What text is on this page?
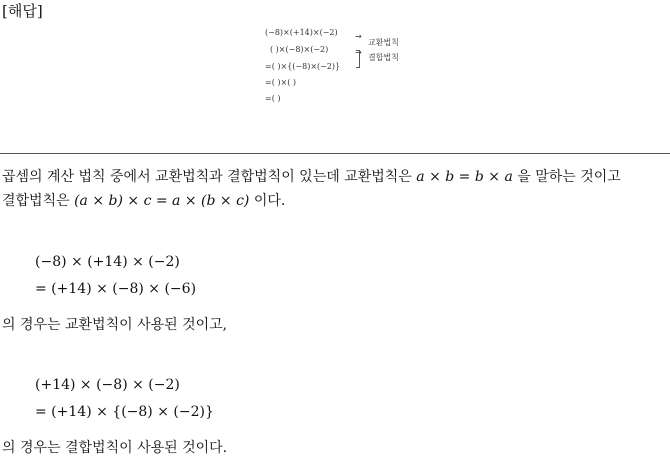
[해답]
(−8)×(+14)×(−2)
( )×(−8)×(−2)
=( )×{(−8)×(−2)}
=( )×( )
=( )
→
→
교환법칙
결합법칙
곱셈의 계산 법칙 중에서 교환법칙과 결합법칙이 있는데 교환법칙은 a × b = b × a 을 말하는 것이고
결합법칙은 (a × b) × c = a × (b × c) 이다.
(−8) × (+14) × (−2)
= (+14) × (−8) × (−6)
의 경우는 교환법칙이 사용된 것이고,
(+14) × (−8) × (−2)
= (+14) × {(−8) × (−2)}
의 경우는 결합법칙이 사용된 것이다.
